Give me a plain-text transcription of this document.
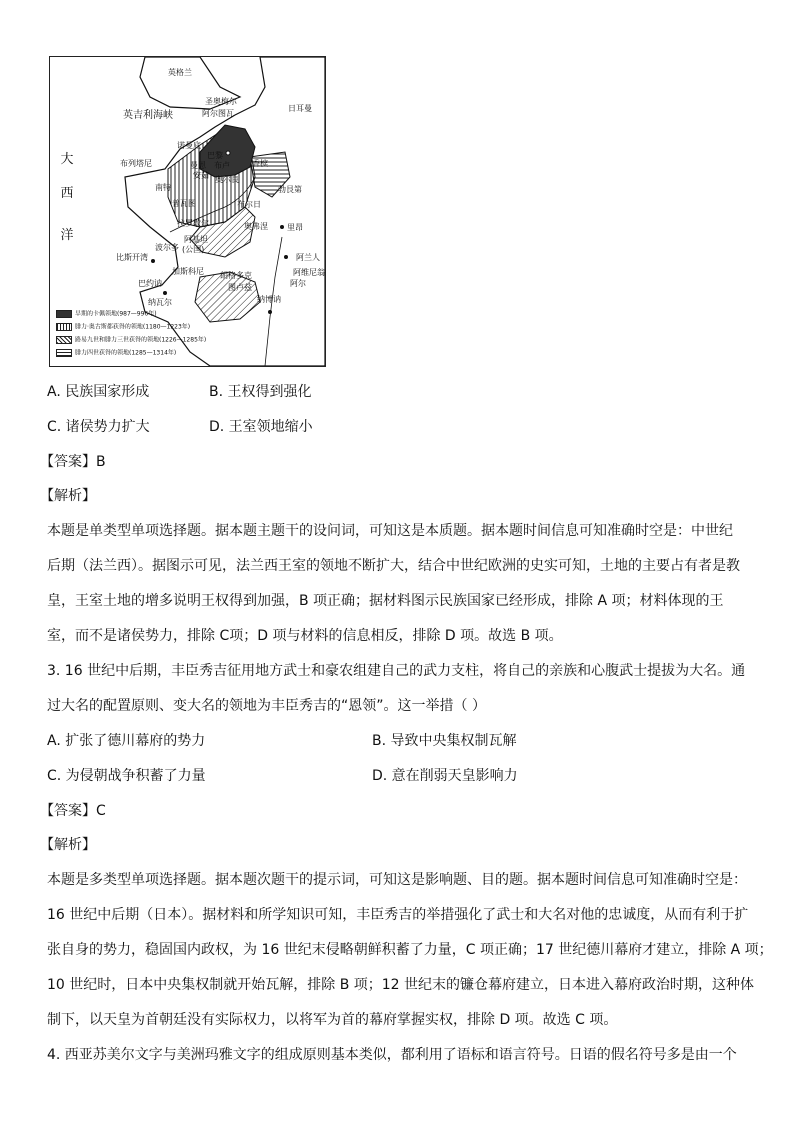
大
西
洋
英格兰
英吉利海峡
日耳曼
圣奥梅尔
阿尔图瓦
诺曼底
布列塔尼	香槟
巴黎
曼恩
安茹
布卢
奥尔良
勃艮第
南特
普瓦图	布尔日
拉罗歇尔	奥弗涅 里昂
波尔多
阿基坦
(公国)
比斯开湾
加斯科尼 朗格多克
图卢兹
巴约讷
纳瓦尔	纳博讷
阿尔
阿维尼翁
阿兰人
早期的卡佩领地(987—996年)
腓力·奥古斯都获得的领地(1180—1223年)
路易九世和腓力三世获得的领地(1226—1285年)
腓力四世获得的领地(1285—1314年)
A. 民族国家形成	B. 王权得到强化
C. 诸侯势力扩大	D. 王室领地缩小
【答案】B
【解析】
本题是单类型单项选择题。据本题主题干的设问词，可知这是本质题。据本题时间信息可知准确时空是：中世纪
后期（法兰西）。据图示可见，法兰西王室的领地不断扩大，结合中世纪欧洲的史实可知，土地的主要占有者是教
皇，王室土地的增多说明王权得到加强，B 项正确；据材料图示民族国家已经形成，排除 A 项；材料体现的王
室，而不是诸侯势力，排除 C项；D 项与材料的信息相反，排除 D 项。故选 B 项。
3. 16 世纪中后期，丰臣秀吉征用地方武士和豪农组建自己的武力支柱，将自己的亲族和心腹武士提拔为大名。通
过大名的配置原则、变大名的领地为丰臣秀吉的“恩领”。这一举措（ ）
A. 扩张了德川幕府的势力	B. 导致中央集权制瓦解
C. 为侵朝战争积蓄了力量	D. 意在削弱天皇影响力
【答案】C
【解析】
本题是多类型单项选择题。据本题次题干的提示词，可知这是影响题、目的题。据本题时间信息可知准确时空是：
16 世纪中后期（日本）。据材料和所学知识可知，丰臣秀吉的举措强化了武士和大名对他的忠诚度，从而有利于扩
张自身的势力，稳固国内政权，为 16 世纪末侵略朝鲜积蓄了力量，C 项正确；17 世纪德川幕府才建立，排除 A 项；
10 世纪时，日本中央集权制就开始瓦解，排除 B 项；12 世纪末的镰仓幕府建立，日本进入幕府政治时期，这种体
制下，以天皇为首朝廷没有实际权力，以将军为首的幕府掌握实权，排除 D 项。故选 C 项。
4. 西亚苏美尔文字与美洲玛雅文字的组成原则基本类似，都利用了语标和语言符号。日语的假名符号多是由一个
